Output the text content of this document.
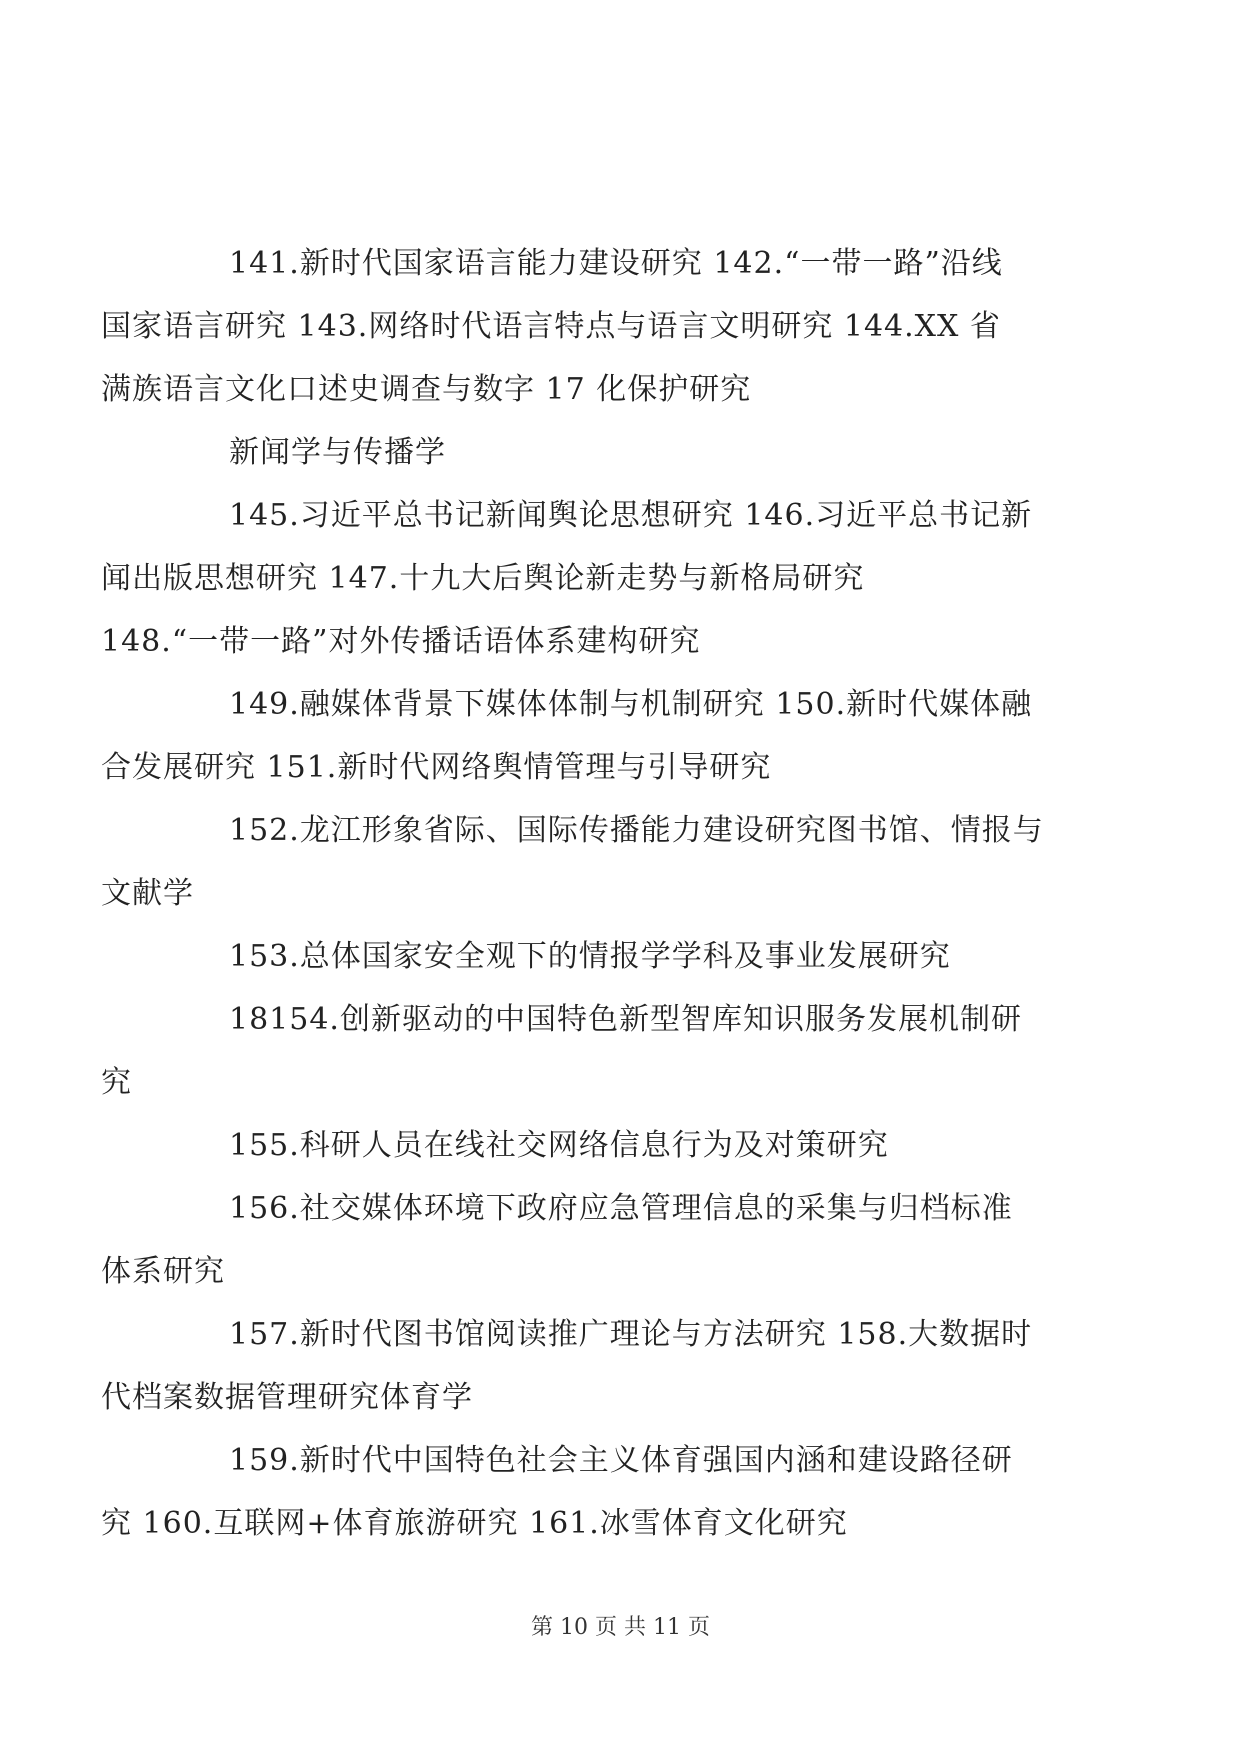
141.新时代国家语言能力建设研究 142.“一带一路”沿线
国家语言研究 143.网络时代语言特点与语言文明研究 144.XX 省
满族语言文化口述史调查与数字 17 化保护研究

新闻学与传播学

145.习近平总书记新闻舆论思想研究 146.习近平总书记新
闻出版思想研究 147.十九大后舆论新走势与新格局研究
148.“一带一路”对外传播话语体系建构研究

149.融媒体背景下媒体体制与机制研究 150.新时代媒体融
合发展研究 151.新时代网络舆情管理与引导研究

152.龙江形象省际、国际传播能力建设研究图书馆、情报与
文献学

153.总体国家安全观下的情报学学科及事业发展研究

18154.创新驱动的中国特色新型智库知识服务发展机制研
究

155.科研人员在线社交网络信息行为及对策研究

156.社交媒体环境下政府应急管理信息的采集与归档标准
体系研究

157.新时代图书馆阅读推广理论与方法研究 158.大数据时
代档案数据管理研究体育学

159.新时代中国特色社会主义体育强国内涵和建设路径研
究 160.互联网+体育旅游研究 161.冰雪体育文化研究

第 10 页 共 11 页
